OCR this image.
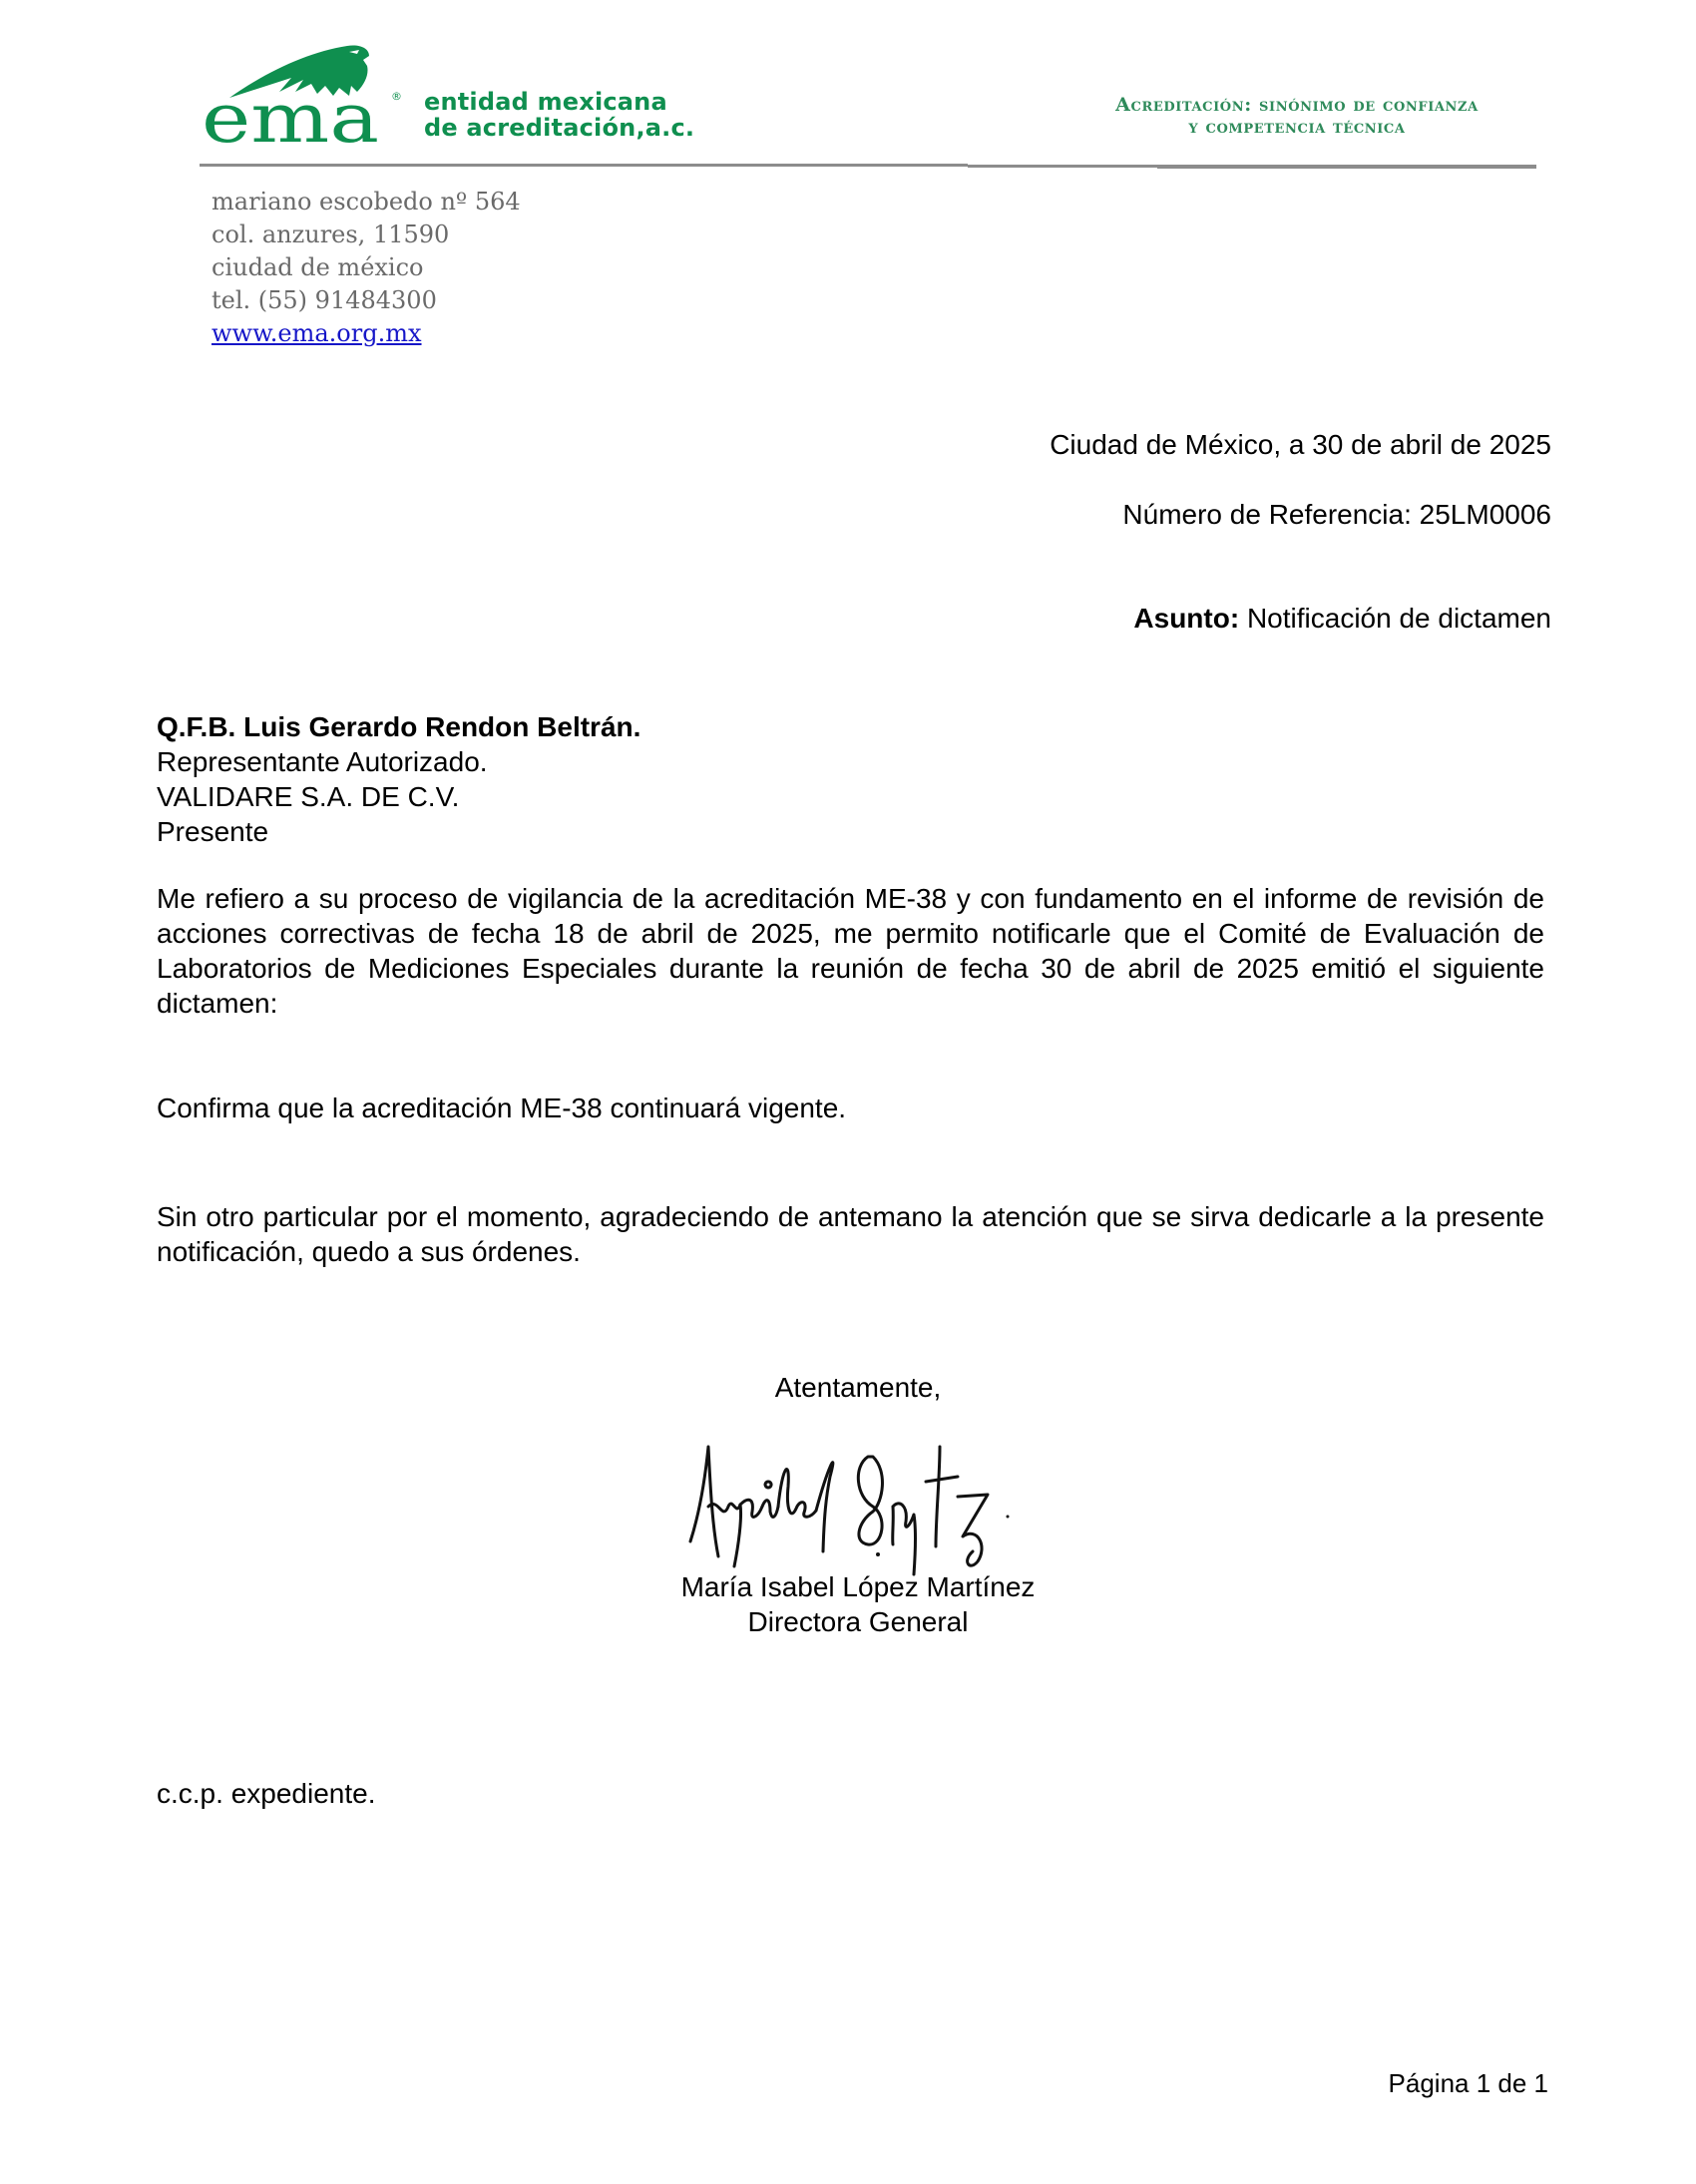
ema ® entidad mexicana
de acreditación,a.c.
Acreditación: sinónimo de confianza
y competencia técnica
mariano escobedo nº 564
col. anzures, 11590
ciudad de méxico
tel. (55) 91484300
www.ema.org.mx
Ciudad de México, a 30 de abril de 2025
Número de Referencia: 25LM0006
Asunto: Notificación de dictamen
Q.F.B. Luis Gerardo Rendon Beltrán.
Representante Autorizado.
VALIDARE S.A. DE C.V.
Presente
Me refiero a su proceso de vigilancia de la acreditación ME-38 y con fundamento en el informe de revisión de acciones correctivas de fecha 18 de abril de 2025, me permito notificarle que el Comité de Evaluación de Laboratorios de Mediciones Especiales durante la reunión de fecha 30 de abril de 2025 emitió el siguiente dictamen:
Confirma que la acreditación ME-38 continuará vigente.
Sin otro particular por el momento, agradeciendo de antemano la atención que se sirva dedicarle a la presente notificación, quedo a sus órdenes.
Atentamente,
María Isabel López Martínez
Directora General
c.c.p. expediente.
Página 1 de 1
